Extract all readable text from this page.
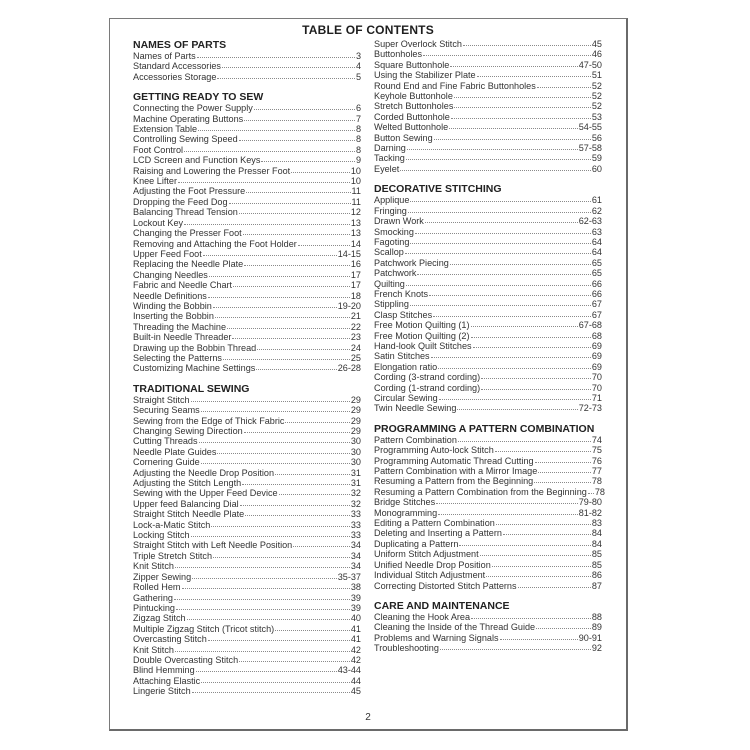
TABLE OF CONTENTS
NAMES OF PARTS
Names of Parts	3
Standard Accessories	4
Accessories Storage	5
GETTING READY TO SEW
Connecting the Power Supply	6
Machine Operating Buttons	7
Extension Table	8
Controlling Sewing Speed	8
Foot Control	8
LCD Screen and Function Keys	9
Raising and Lowering the Presser Foot	10
Knee Lifter	10
Adjusting the Foot Pressure	11
Dropping the Feed Dog	11
Balancing Thread Tension	12
Lockout Key	13
Changing the Presser Foot	13
Removing and Attaching the Foot Holder	14
Upper Feed Foot	14-15
Replacing the Needle Plate	16
Changing Needles	17
Fabric and Needle Chart	17
Needle Definitions	18
Winding the Bobbin	19-20
Inserting the Bobbin	21
Threading the Machine	22
Built-in Needle Threader	23
Drawing up the Bobbin Thread	24
Selecting the Patterns	25
Customizing Machine Settings	26-28
TRADITIONAL SEWING
Straight Stitch	29
Securing Seams	29
Sewing from the Edge of Thick Fabric	29
Changing Sewing Direction	29
Cutting Threads	30
Needle Plate Guides	30
Cornering Guide	30
Adjusting the Needle Drop Position	31
Adjusting the Stitch Length	31
Sewing with the Upper Feed Device	32
Upper feed Balancing Dial	32
Straight Stitch Needle Plate	33
Lock-a-Matic Stitch	33
Locking Stitch	33
Straight Stitch with Left Needle Position	34
Triple Stretch Stitch	34
Knit Stitch	34
Zipper Sewing	35-37
Rolled Hem	38
Gathering	39
Pintucking	39
Zigzag Stitch	40
Multiple Zigzag Stitch (Tricot stitch)	41
Overcasting Stitch	41
Knit Stitch	42
Double Overcasting Stitch	42
Blind Hemming	43-44
Attaching Elastic	44
Lingerie Stitch	45
Super Overlock Stitch	45
Buttonholes	46
Square Buttonhole	47-50
Using the Stabilizer Plate	51
Round End and Fine Fabric Buttonholes	52
Keyhole Buttonhole	52
Stretch Buttonholes	52
Corded Buttonhole	53
Welted Buttonhole	54-55
Button Sewing	56
Darning	57-58
Tacking	59
Eyelet	60
DECORATIVE STITCHING
Applique	61
Fringing	62
Drawn Work	62-63
Smocking	63
Fagoting	64
Scallop	64
Patchwork Piecing	65
Patchwork	65
Quilting	66
French Knots	66
Stippling	67
Clasp Stitches	67
Free Motion Quilting (1)	67-68
Free Motion Quilting (2)	68
Hand-look Quilt Stitches	69
Satin Stitches	69
Elongation ratio	69
Cording (3-strand cording)	70
Cording (1-strand cording)	70
Circular Sewing	71
Twin Needle Sewing	72-73
PROGRAMMING A PATTERN COMBINATION
Pattern Combination	74
Programming Auto-lock Stitch	75
Programming Automatic Thread Cutting	76
Pattern Combination with a Mirror Image	77
Resuming a Pattern from the Beginning	78
Resuming a Pattern Combination from the Beginning 78
Bridge Stitches	79-80
Monogramming	81-82
Editing a Pattern Combination	83
Deleting and Inserting a Pattern	84
Duplicating a Pattern	84
Uniform Stitch Adjustment	85
Unified Needle Drop Position	85
Individual Stitch Adjustment	86
Correcting Distorted Stitch Patterns	87
CARE AND MAINTENANCE
Cleaning the Hook Area	88
Cleaning the Inside of the Thread Guide	89
Problems and Warning Signals	90-91
Troubleshooting	92
2
